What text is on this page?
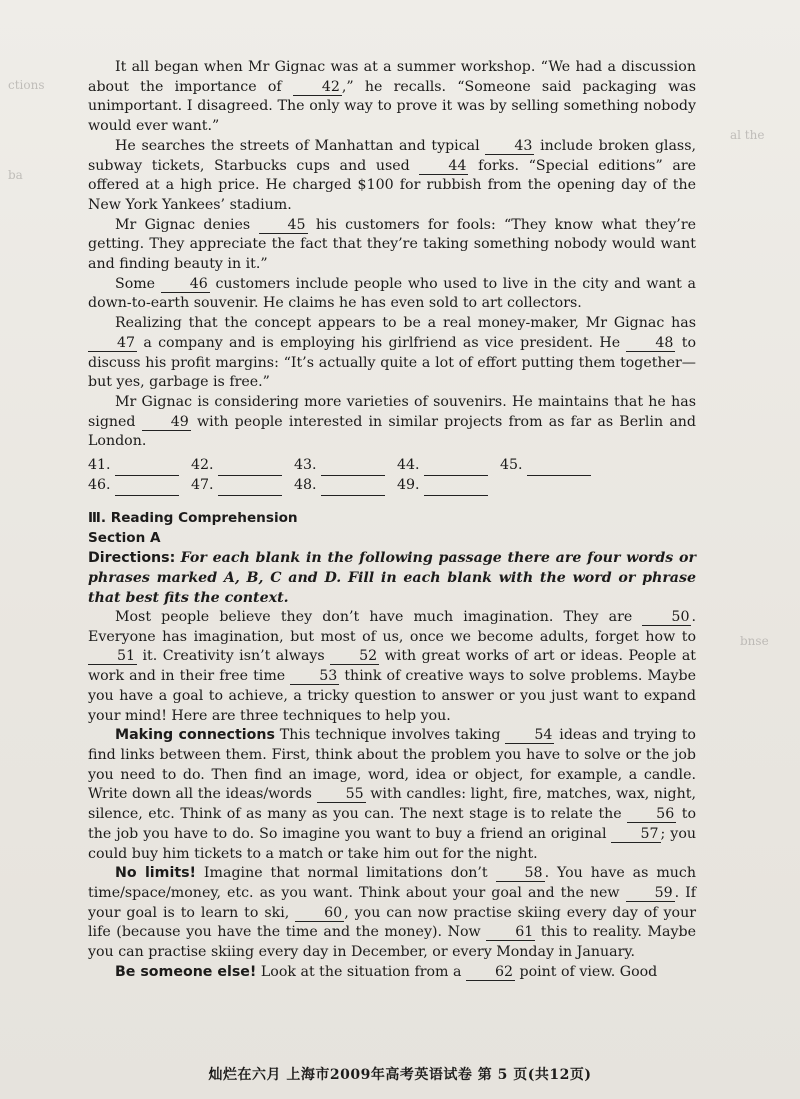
ctions
al the
ba
bnse

It all began when Mr Gignac was at a summer workshop. “We had a discussion about the importance of 42 ,” he recalls. “Someone said packaging was unimportant. I disagreed. The only way to prove it was by selling something nobody would ever want.”

He searches the streets of Manhattan and typical 43 include broken glass, subway tickets, Starbucks cups and used 44 forks. “Special editions” are offered at a high price. He charged $100 for rubbish from the opening day of the New York Yankees’ stadium.

Mr Gignac denies 45 his customers for fools: “They know what they’re getting. They appreciate the fact that they’re taking something nobody would want and finding beauty in it.”

Some 46 customers include people who used to live in the city and want a down-to-earth souvenir. He claims he has even sold to art collectors.

Realizing that the concept appears to be a real money-maker, Mr Gignac has 47 a company and is employing his girlfriend as vice president. He 48 to discuss his profit margins: “It’s actually quite a lot of effort putting them together—but yes, garbage is free.”

Mr Gignac is considering more varieties of souvenirs. He maintains that he has signed 49 with people interested in similar projects from as far as Berlin and London.

41.	42.	43.	44.	45.
46.	47.	48.	49.
Ⅲ. Reading Comprehension
Section A

Directions: For each blank in the following passage there are four words or phrases marked A, B, C and D. Fill in each blank with the word or phrase that best fits the context.

Most people believe they don’t have much imagination. They are 50 . Everyone has imagination, but most of us, once we become adults, forget how to 51 it. Creativity isn’t always 52 with great works of art or ideas. People at work and in their free time 53 think of creative ways to solve problems. Maybe you have a goal to achieve, a tricky question to answer or you just want to expand your mind! Here are three techniques to help you.

Making connections This technique involves taking 54 ideas and trying to find links between them. First, think about the problem you have to solve or the job you need to do. Then find an image, word, idea or object, for example, a candle. Write down all the ideas/words 55 with candles: light, fire, matches, wax, night, silence, etc. Think of as many as you can. The next stage is to relate the 56 to the job you have to do. So imagine you want to buy a friend an original 57 ; you could buy him tickets to a match or take him out for the night.

No limits! Imagine that normal limitations don’t 58 . You have as much time/space/money, etc. as you want. Think about your goal and the new 59 . If your goal is to learn to ski, 60 , you can now practise skiing every day of your life (because you have the time and the money). Now 61 this to reality. Maybe you can practise skiing every day in December, or every Monday in January.

Be someone else! Look at the situation from a 62 point of view. Good

灿烂在六月 上海市2009年高考英语试卷 第 5 页(共12页)
